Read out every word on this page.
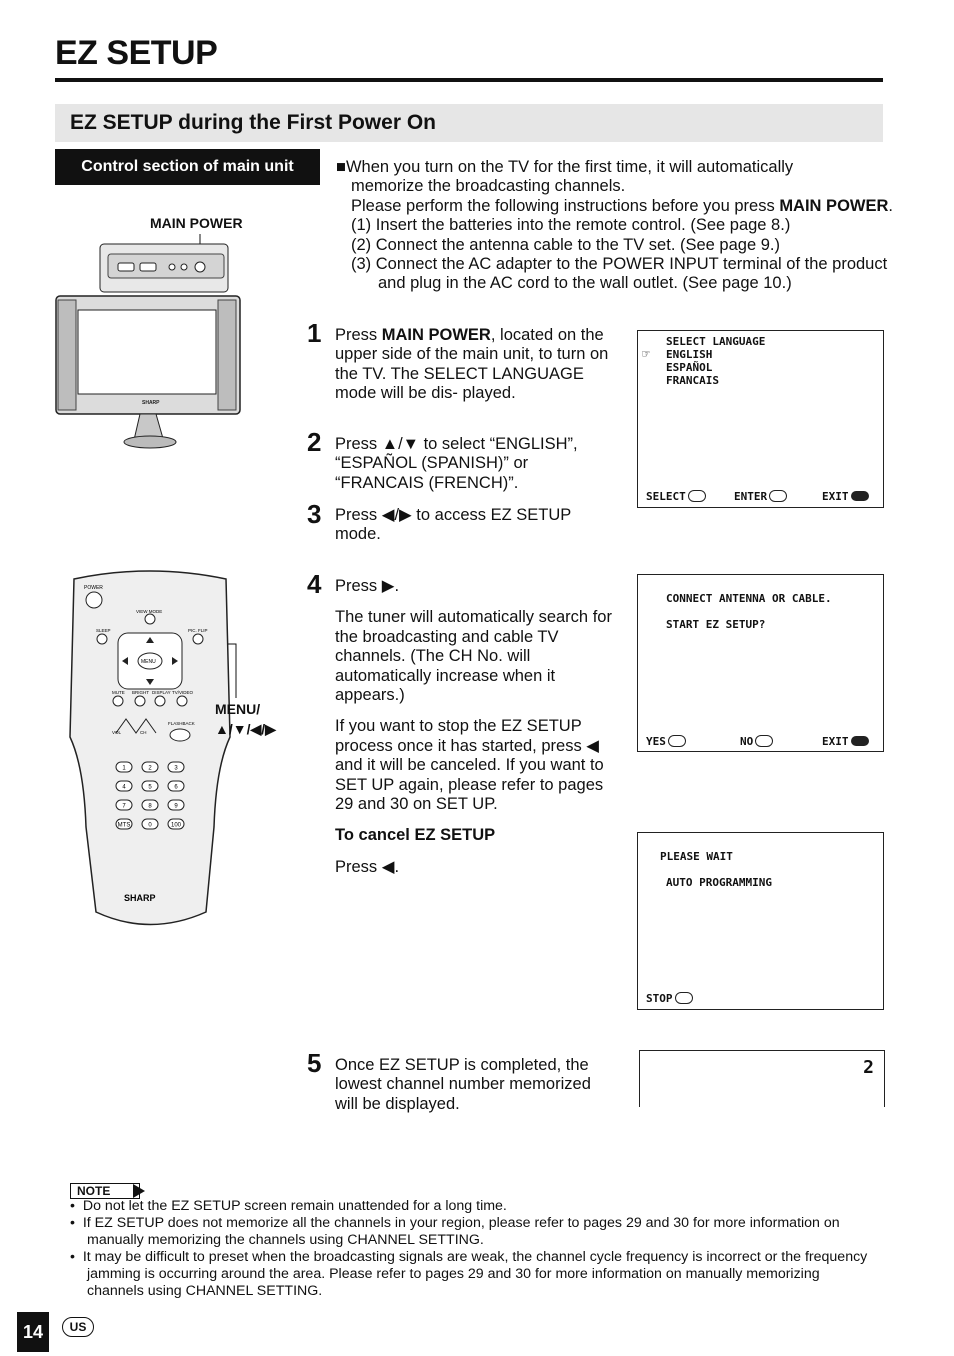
EZ SETUP
EZ SETUP during the First Power On
Control section of main unit	■When you turn on the TV for the first time, it will automatically

memorize the broadcasting channels.

Please perform the following instructions before you press MAIN POWER.

(1) Insert the batteries into the remote control. (See page 8.)

(2) Connect the antenna cable to the TV set. (See page 9.)

(3) Connect the AC adapter to the POWER INPUT terminal of the product and plug in the AC cord to the wall outlet. (See page 10.)

MAIN POWER
SHARP
POWER
VIEW MODE
SLEEP	PIC. FLIP
MENU
MUTE BRIGHT DISPLAY TV/VIDEO
VOL	CH
FLASHBACK
1	2	3
4	5	6
7	8	9
MTS	0	100
SHARP
MENU/
▲/▼/◀/▶
1 Press MAIN POWER, located on the upper side of the main unit, to turn on the TV. The SELECT LANGUAGE mode will be dis- played.
2 Press ▲/▼ to select “ENGLISH”, “ESPAÑOL (SPANISH)” or “FRANCAIS (FRENCH)”.
3 Press ◀/▶ to access EZ SETUP mode.
4 Press ▶.

The tuner will automatically search for the broadcasting and cable TV channels. (The CH No. will automatically increase when it appears.)

If you want to stop the EZ SETUP process once it has started, press ◀ and it will be canceled. If you want to SET UP again, please refer to pages 29 and 30 on SET UP.

To cancel EZ SETUP

Press ◀.

5 Once EZ SETUP is completed, the lowest channel number memorized will be displayed.
SELECT LANGUAGE
☞ ENGLISH
ESPAÑOL
FRANCAIS
SELECT	ENTER	EXIT
CONNECT ANTENNA OR CABLE.
START EZ SETUP?
YES	NO	EXIT
PLEASE WAIT
AUTO PROGRAMMING
STOP
2
NOTE
•  Do not let the EZ SETUP screen remain unattended for a long time.
•  If EZ SETUP does not memorize all the channels in your region, please refer to pages 29 and 30 for more information on manually memorizing the channels using CHANNEL SETTING.
•  It may be difficult to preset when the broadcasting signals are weak, the channel cycle frequency is incorrect or the frequency jamming is occurring around the area. Please refer to pages 29 and 30 for more information on manually memorizing channels using CHANNEL SETTING.
14	US
